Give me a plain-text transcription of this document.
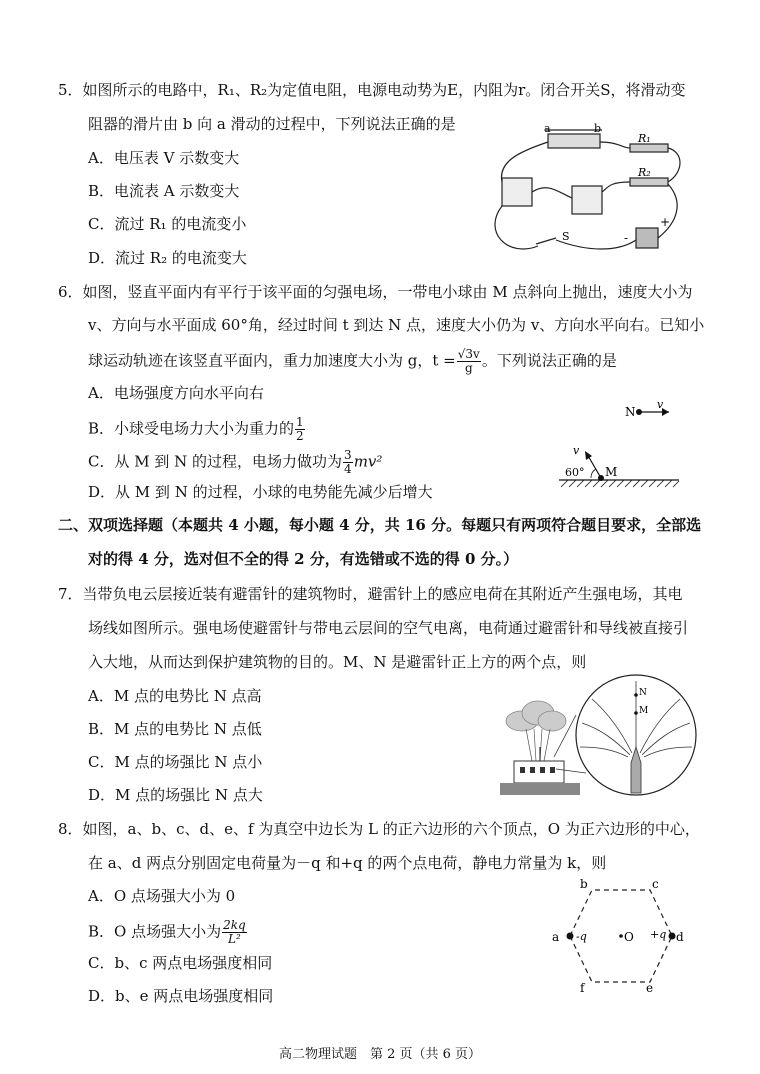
5．如图所示的电路中，R₁、R₂为定值电阻，电源电动势为E，内阻为r。闭合开关S，将滑动变
阻器的滑片由 b 向 a 滑动的过程中，下列说法正确的是
A．电压表 V 示数变大
B．电流表 A 示数变大
C．流过 R₁ 的电流变小
D．流过 R₂ 的电流变大
a	b
R₁
R₂
S	-
+
6．如图，竖直平面内有平行于该平面的匀强电场，一带电小球由 M 点斜向上抛出，速度大小为
v、方向与水平面成 60°角，经过时间 t 到达 N 点，速度大小仍为 v、方向水平向右。已知小
球运动轨迹在该竖直平面内，重力加速度大小为 g，$t = \frac{√3v}{g}$ 。下列说法正确的是
A．电场强度方向水平向右
B．小球受电场力大小为重力的 $\frac{1}{2}$
C．从 M 到 N 的过程，电场力做功为 $\frac{3}{4} mv^2$
D．从 M 到 N 的过程，小球的电势能先减少后增大
N
v
v
60° M
二、双项选择题（本题共 4 小题，每小题 4 分，共 16 分。每题只有两项符合题目要求，全部选
对的得 4 分，选对但不全的得 2 分，有选错或不选的得 0 分。）
7．当带负电云层接近装有避雷针的建筑物时，避雷针上的感应电荷在其附近产生强电场，其电
场线如图所示。强电场使避雷针与带电云层间的空气电离，电荷通过避雷针和导线被直接引
入大地，从而达到保护建筑物的目的。M、N 是避雷针正上方的两个点，则
A．M 点的电势比 N 点高
B．M 点的电势比 N 点低
C．M 点的场强比 N 点小
D．M 点的场强比 N 点大
N
M
8．如图，a、b、c、d、e、f 为真空中边长为 L 的正六边形的六个顶点，O 为正六边形的中心，
在 a、d 两点分别固定电荷量为－q 和+q 的两个点电荷，静电力常量为 k，则
A．O 点场强大小为 0
B．O 点场强大小为 $\frac{2kq}{\text{L²}}$
C．b、c 两点电场强度相同
D．b、e 两点电场强度相同
b	c
a	d
-q	+q
O
f	e
高二物理试题　第 2 页（共 6 页）
